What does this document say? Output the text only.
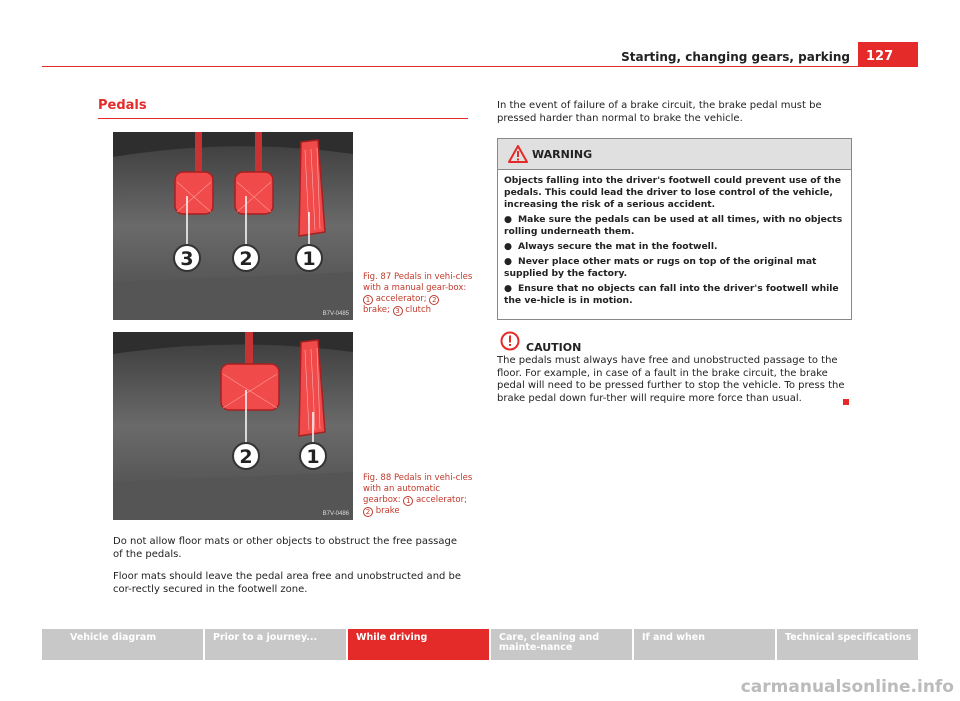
Starting, changing gears, parking	127
Pedals
3 2	1
B7V-0485
Fig. 87 Pedals in vehi-cles with a manual gear-box: 1 accelerator; 2
brake; 3 clutch
2	1
B7V-0486
Fig. 88 Pedals in vehi-cles with an automatic gearbox: 1 accelerator;
2 brake
Do not allow floor mats or other objects to obstruct the free passage of the pedals.
Floor mats should leave the pedal area free and unobstructed and be cor-rectly secured in the footwell zone.
In the event of failure of a brake circuit, the brake pedal must be pressed harder than normal to brake the vehicle.
WARNING

Objects falling into the driver's footwell could prevent use of the pedals. This could lead the driver to lose control of the vehicle, increasing the risk of a serious accident.

● Make sure the pedals can be used at all times, with no objects rolling underneath them.

● Always secure the mat in the footwell.

● Never place other mats or rugs on top of the original mat supplied by the factory.

● Ensure that no objects can fall into the driver's footwell while the ve-hicle is in motion.

CAUTION
The pedals must always have free and unobstructed passage to the floor. For example, in case of a fault in the brake circuit, the brake pedal will need to be pressed further to stop the vehicle. To press the brake pedal down fur-ther will require more force than usual.
Vehicle diagram	Prior to a journey...	While driving	Care, cleaning and mainte-nance
If and when	Technical specifications
carmanualsonline.info
